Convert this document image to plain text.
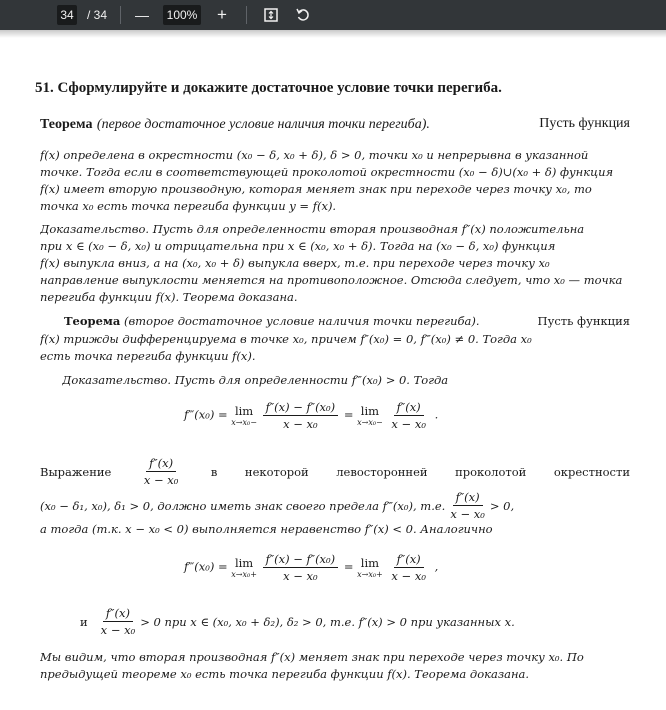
34 / 34 — 100% +
51. Сформулируйте и докажите достаточное условие точки перегиба.
Теорема (первое достаточное условие наличия точки перегиба).	Пусть функция
f(x) определена в окрестности (x₀ − δ, x₀ + δ), δ > 0, точки x₀ и непрерывна в указанной
точке. Тогда если в соответствующей проколотой окрестности (x₀ − δ)∪(x₀ + δ) функция
f(x) имеет вторую производную, которая меняет знак при переходе через точку x₀, то
точка x₀ есть точка перегиба функции y = f(x).
Доказательство. Пусть для определенности вторая производная f″(x) положительна
при x ∈ (x₀ − δ, x₀) и отрицательна при x ∈ (x₀, x₀ + δ). Тогда на (x₀ − δ, x₀) функция
f(x) выпукла вниз, а на (x₀, x₀ + δ) выпукла вверх, т.е. при переходе через точку x₀
направление выпуклости меняется на противоположное. Отсюда следует, что x₀ — точка
перегиба функции f(x). Теорема доказана.
Теорема (второе достаточное условие наличия точки перегиба).	Пусть функция
f(x) трижды дифференцируема в точке x₀, причем f″(x₀) = 0, f‴(x₀) ≠ 0. Тогда x₀
есть точка перегиба функции f(x).
Доказательство. Пусть для определенности f‴(x₀) > 0. Тогда
f‴(x₀) = lim
x→x₀−
$\frac{\text{f″(x) − f″(x₀)}}{\text{x − x₀}} = \lim$
x→x₀−
$\frac{f''(x)}{\text{x − x₀}}$ .
Выражение	$\frac{f''(x)}{\text{x − x₀}}$	в некоторой левосторонней проколотой окрестности
(x₀ − δ₁, x₀), δ₁ > 0, должно иметь знак своего предела f‴(x₀), т.е. $\frac{f''(x)}{\text{x − x₀}} > 0$,
а тогда (т.к. x − x₀ < 0) выполняется неравенство f″(x) < 0. Аналогично
f‴(x₀) = lim
x→x₀+
$\frac{\text{f″(x) − f″(x₀)}}{\text{x − x₀}} = \lim$
x→x₀+
$\frac{f''(x)}{\text{x − x₀}}$ ,
и $\frac{f''(x)}{\text{x − x₀}} > 0$ при x ∈ (x₀, x₀ + δ₂), δ₂ > 0, т.е. f″(x) > 0 при указанных x.
Мы видим, что вторая производная f″(x) меняет знак при переходе через точку x₀. По
предыдущей теореме x₀ есть точка перегиба функции f(x). Теорема доказана.
